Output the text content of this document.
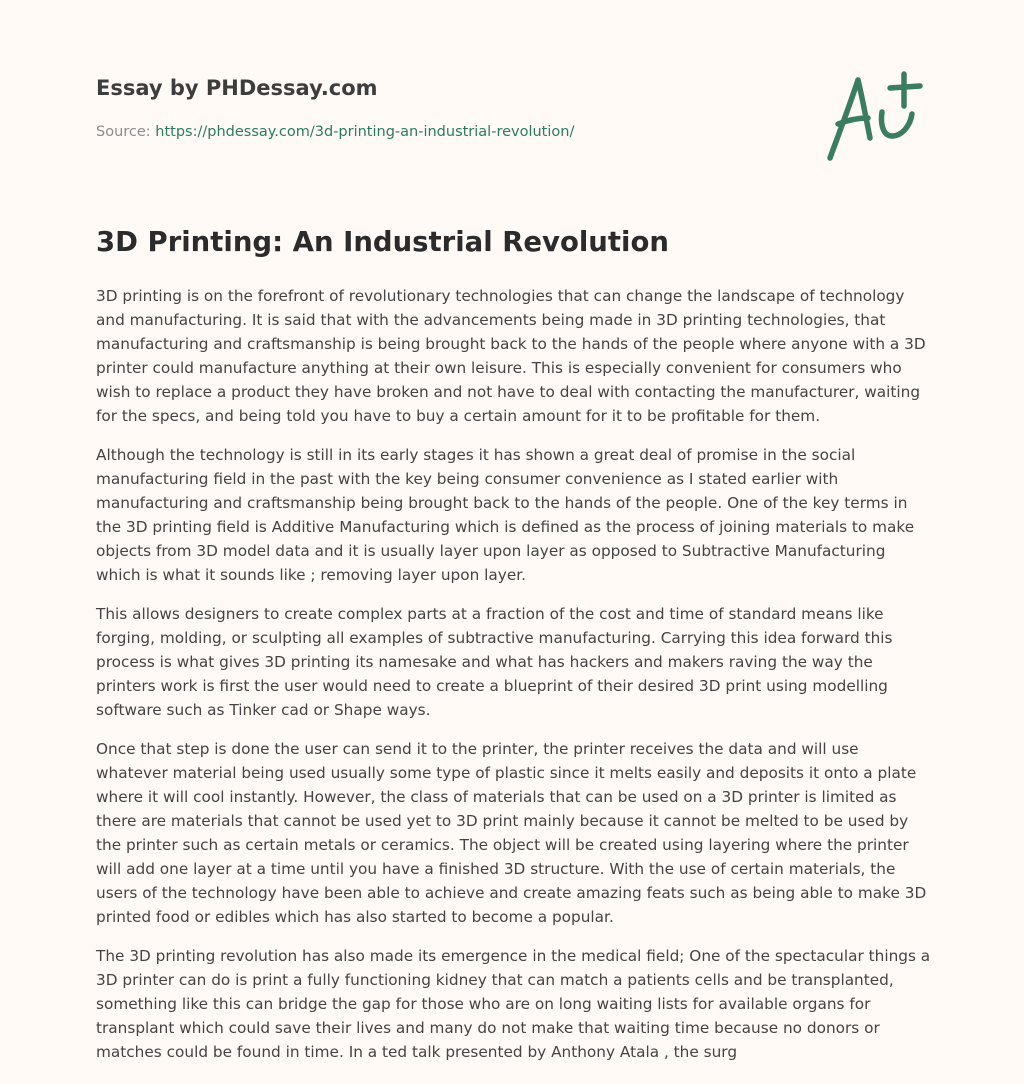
Essay by PHDessay.com
Source: https://phdessay.com/3d-printing-an-industrial-revolution/
3D Printing: An Industrial Revolution

3D printing is on the forefront of revolutionary technologies that can change the landscape of technology and manufacturing. It is said that with the advancements being made in 3D printing technologies, that manufacturing and craftsmanship is being brought back to the hands of the people where anyone with a 3D printer could manufacture anything at their own leisure. This is especially convenient for consumers who wish to replace a product they have broken and not have to deal with contacting the manufacturer, waiting for the specs, and being told you have to buy a certain amount for it to be profitable for them.

Although the technology is still in its early stages it has shown a great deal of promise in the social manufacturing field in the past with the key being consumer convenience as I stated earlier with manufacturing and craftsmanship being brought back to the hands of the people. One of the key terms in the 3D printing field is Additive Manufacturing which is defined as the process of joining materials to make objects from 3D model data and it is usually layer upon layer as opposed to Subtractive Manufacturing which is what it sounds like ; removing layer upon layer.

This allows designers to create complex parts at a fraction of the cost and time of standard means like forging, molding, or sculpting all examples of subtractive manufacturing. Carrying this idea forward this process is what gives 3D printing its namesake and what has hackers and makers raving the way the printers work is first the user would need to create a blueprint of their desired 3D print using modelling software such as Tinker cad or Shape ways.

Once that step is done the user can send it to the printer, the printer receives the data and will use whatever material being used usually some type of plastic since it melts easily and deposits it onto a plate where it will cool instantly. However, the class of materials that can be used on a 3D printer is limited as there are materials that cannot be used yet to 3D print mainly because it cannot be melted to be used by the printer such as certain metals or ceramics. The object will be created using layering where the printer will add one layer at a time until you have a finished 3D structure. With the use of certain materials, the users of the technology have been able to achieve and create amazing feats such as being able to make 3D printed food or edibles which has also started to become a popular.

The 3D printing revolution has also made its emergence in the medical field; One of the spectacular things a 3D printer can do is print a fully functioning kidney that can match a patients cells and be transplanted, something like this can bridge the gap for those who are on long waiting lists for available organs for transplant which could save their lives and many do not make that waiting time because no donors or matches could be found in time. In a ted talk presented by Anthony Atala , the surg
